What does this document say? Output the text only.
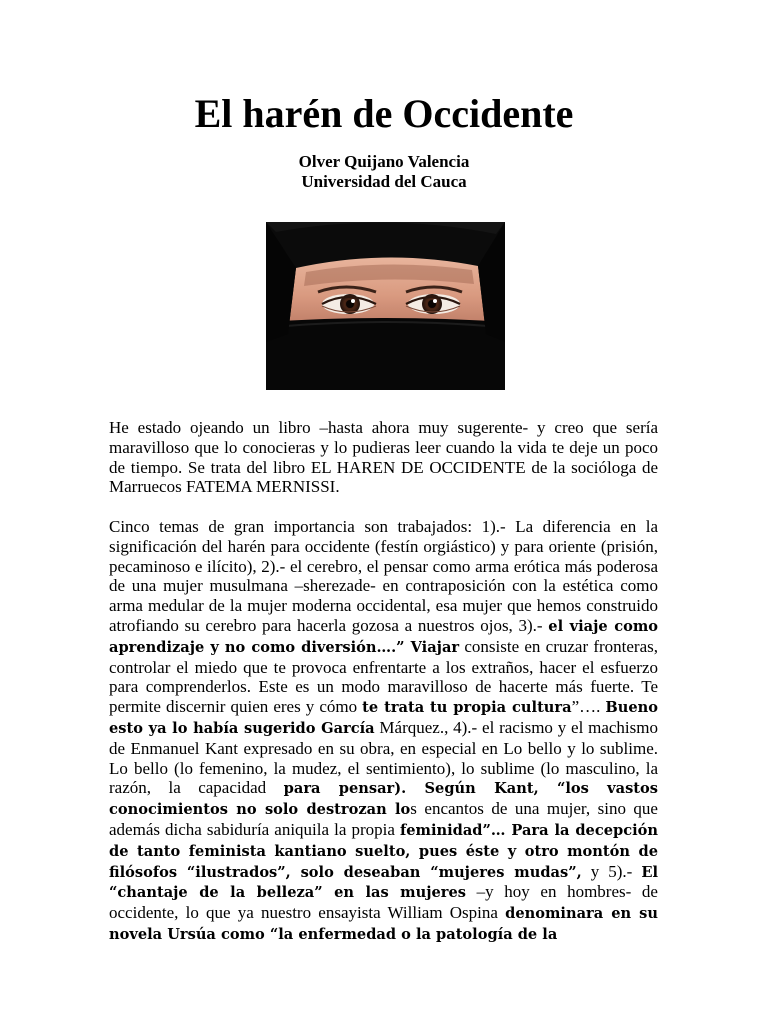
El harén de Occidente
Olver Quijano Valencia
Universidad del Cauca

He estado ojeando un libro –hasta ahora muy sugerente- y creo que sería maravilloso que lo conocieras y lo pudieras leer cuando la vida te deje un poco de tiempo. Se trata del libro EL HAREN DE OCCIDENTE de la socióloga de Marruecos FATEMA MERNISSI.

Cinco temas de gran importancia son trabajados: 1).- La diferencia en la significación del harén para occidente (festín orgiástico) y para oriente (prisión, pecaminoso e ilícito), 2).- el cerebro, el pensar como arma erótica más poderosa de una mujer musulmana –sherezade- en contraposición con la estética como arma medular de la mujer moderna occidental, esa mujer que hemos construido atrofiando su cerebro para hacerla gozosa a nuestros ojos, 3).- el viaje como aprendizaje y no como diversión….” Viajar consiste en cruzar fronteras, controlar el miedo que te provoca enfrentarte a los extraños, hacer el esfuerzo para comprenderlos. Este es un modo maravilloso de hacerte más fuerte. Te permite discernir quien eres y cómo te trata tu propia cultura”…. Bueno esto ya lo había sugerido García Márquez., 4).- el racismo y el machismo de Enmanuel Kant expresado en su obra, en especial en Lo bello y lo sublime. Lo bello (lo femenino, la mudez, el sentimiento), lo sublime (lo masculino, la razón, la capacidad para pensar). Según Kant, “los vastos conocimientos no solo destrozan los encantos de una mujer, sino que además dicha sabiduría aniquila la propia feminidad”… Para la decepción de tanto feminista kantiano suelto, pues éste y otro montón de filósofos “ilustrados”, solo deseaban “mujeres mudas”, y 5).- El “chantaje de la belleza” en las mujeres –y hoy en hombres- de occidente, lo que ya nuestro ensayista William Ospina denominara en su novela Ursúa como “la enfermedad o la patología de la
